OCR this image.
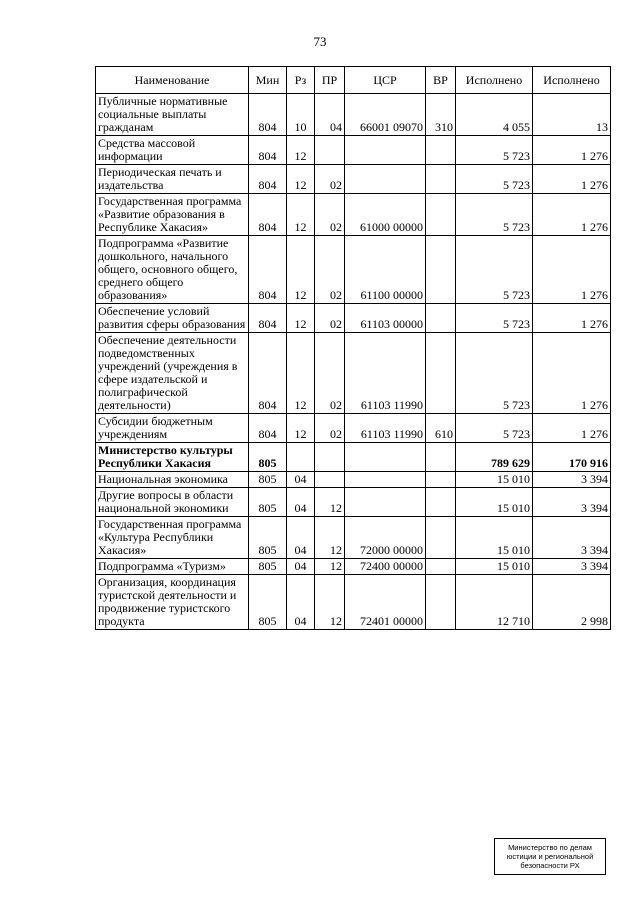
73
Наименование	Мин	Рз	ПР	ЦСР	ВР	Исполнено	Исполнено
Публичные нормативные социальные выплаты гражданам	804	10	04	66001 09070	310	4 055	13
Средства массовой информации	804	12				5 723	1 276
Периодическая печать и издательства	804	12	02			5 723	1 276
Государственная программа «Развитие образования в Республике Хакасия»	804	12	02	61000 00000		5 723	1 276
Подпрограмма «Развитие дошкольного, начального общего, основного общего, среднего общего образования»	804	12	02	61100 00000		5 723	1 276
Обеспечение условий развития сферы образования	804	12	02	61103 00000		5 723	1 276
Обеспечение деятельности подведомственных учреждений (учреждения в сфере издательской и полиграфической деятельности)	804	12	02	61103 11990		5 723	1 276
Субсидии бюджетным учреждениям	804	12	02	61103 11990	610	5 723	1 276
Министерство культуры Республики Хакасия	805					789 629	170 916
Национальная экономика	805	04				15 010	3 394
Другие вопросы в области национальной экономики	805	04	12			15 010	3 394
Государственная программа «Культура Республики Хакасия»	805	04	12	72000 00000		15 010	3 394
Подпрограмма «Туризм»	805	04	12	72400 00000		15 010	3 394
Организация, координация туристской деятельности и продвижение туристского продукта	805	04	12	72401 00000		12 710	2 998
Министерство по делам
юстиции и региональной
безопасности РХ
